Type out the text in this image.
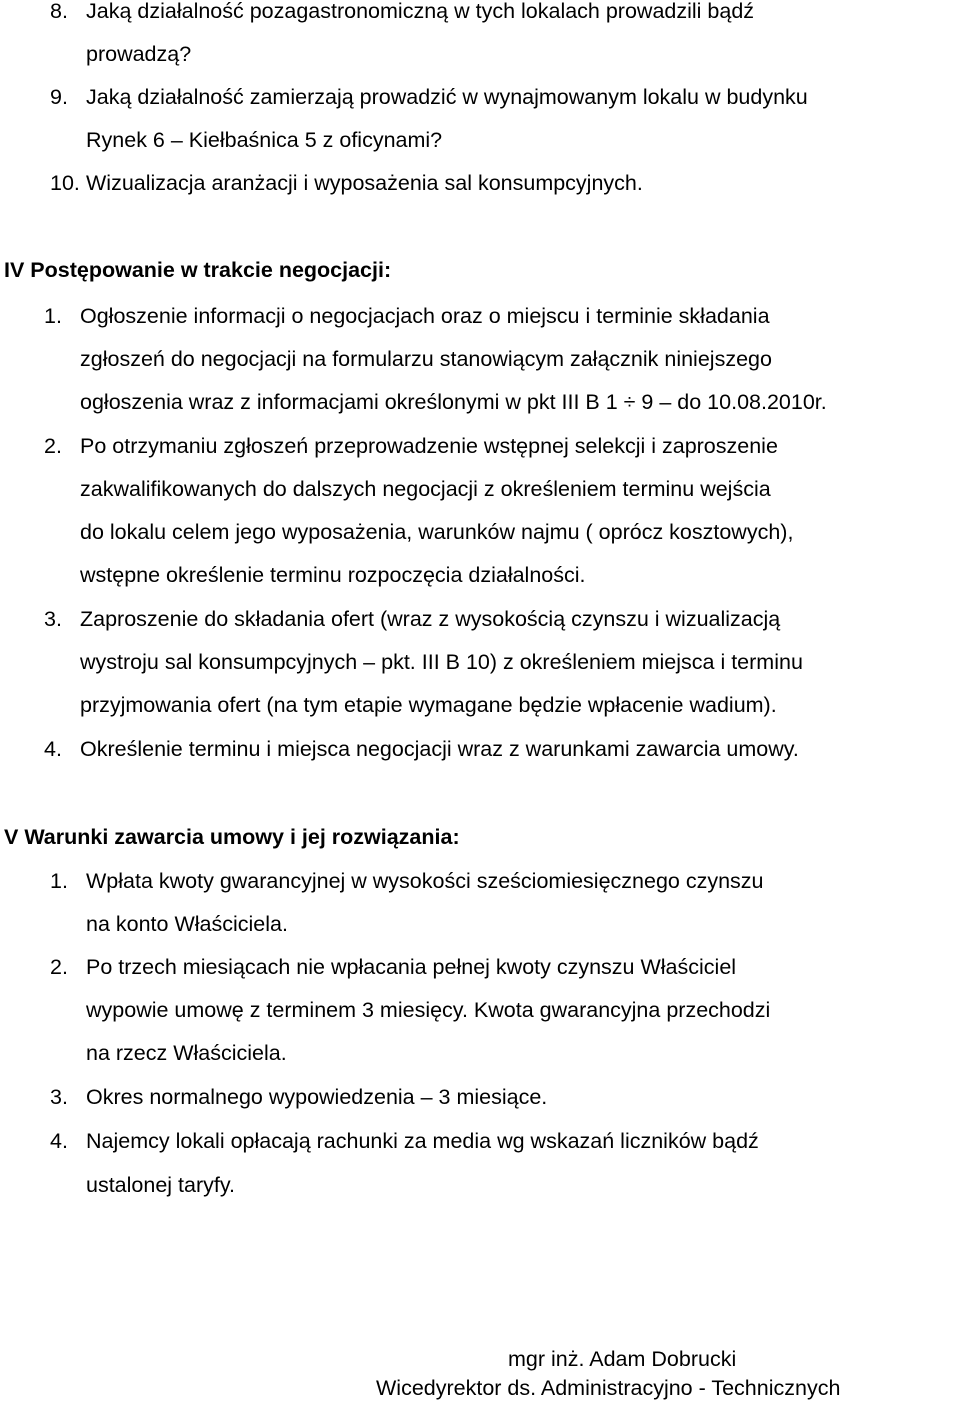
8. Jaką działalność pozagastronomiczną w tych lokalach prowadzili bądź
prowadzą?
9. Jaką działalność zamierzają prowadzić w wynajmowanym lokalu w budynku
Rynek 6 – Kiełbaśnica 5 z oficynami?
10. Wizualizacja aranżacji i wyposażenia sal konsumpcyjnych.
IV Postępowanie w trakcie negocjacji:
1. Ogłoszenie informacji o negocjacjach oraz o miejscu i terminie składania
zgłoszeń do negocjacji na formularzu stanowiącym załącznik niniejszego
ogłoszenia wraz z informacjami określonymi w pkt III B 1 ÷ 9 – do 10.08.2010r.
2. Po otrzymaniu zgłoszeń przeprowadzenie wstępnej selekcji i zaproszenie
zakwalifikowanych do dalszych negocjacji z określeniem terminu wejścia
do lokalu celem jego wyposażenia, warunków najmu ( oprócz kosztowych),
wstępne określenie terminu rozpoczęcia działalności.
3. Zaproszenie do składania ofert (wraz z wysokością czynszu i wizualizacją
wystroju sal konsumpcyjnych – pkt. III B 10) z określeniem miejsca i terminu
przyjmowania ofert (na tym etapie wymagane będzie wpłacenie wadium).
4. Określenie terminu i miejsca negocjacji wraz z warunkami zawarcia umowy.
V Warunki zawarcia umowy i jej rozwiązania:
1. Wpłata kwoty gwarancyjnej w wysokości sześciomiesięcznego czynszu
na konto Właściciela.
2. Po trzech miesiącach nie wpłacania pełnej kwoty czynszu Właściciel
wypowie umowę z terminem 3 miesięcy. Kwota gwarancyjna przechodzi
na rzecz Właściciela.
3. Okres normalnego wypowiedzenia – 3 miesiące.
4. Najemcy lokali opłacają rachunki za media wg wskazań liczników bądź
ustalonej taryfy.
mgr inż. Adam Dobrucki
Wicedyrektor ds. Administracyjno - Technicznych
